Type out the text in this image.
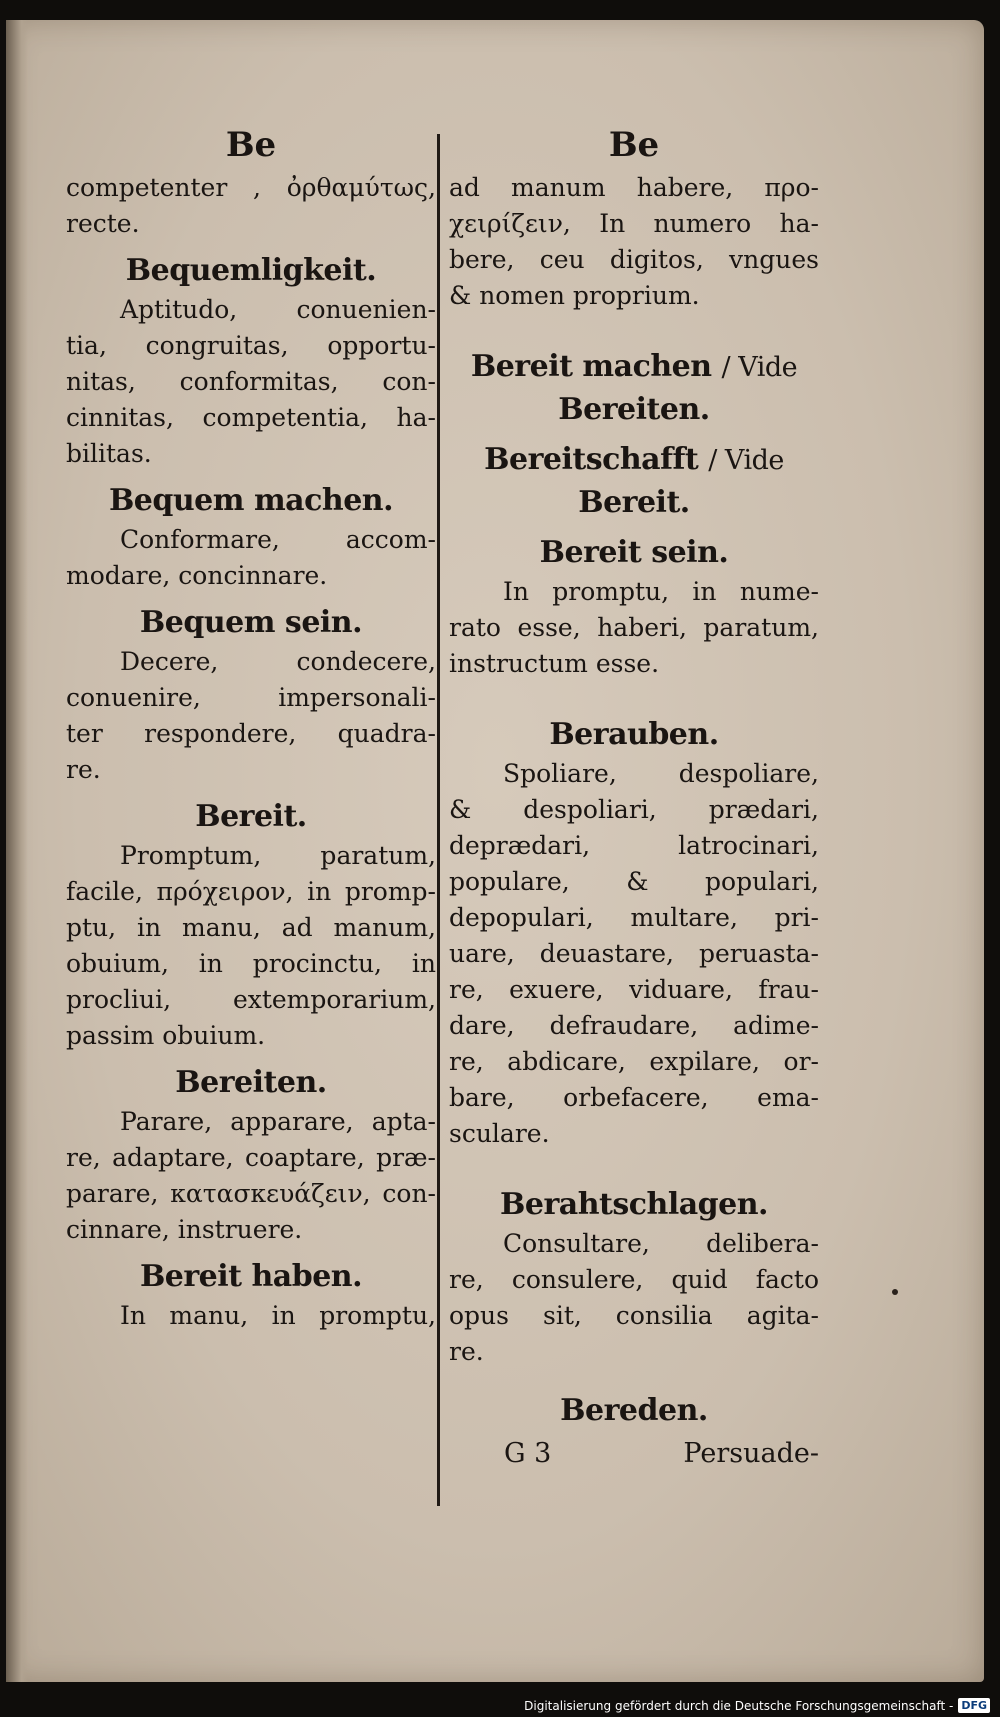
Be
competenter , ὀρθαμύτως,
recte.
Bequemligkeit.
Aptitudo, conuenien-
tia, congruitas, opportu-
nitas, conformitas, con-
cinnitas, competentia, ha-
bilitas.
Bequem machen.
Conformare, accom-
modare, concinnare.
Bequem sein.
Decere, condecere,
conuenire, impersonali-
ter respondere, quadra-
re.
Bereit.
Promptum, paratum,
facile, πρόχειρον, in promp-
ptu, in manu, ad manum,
obuium, in procinctu, in
procliui, extemporarium,
passim obuium.
Bereiten.
Parare, apparare, apta-
re, adaptare, coaptare, præ-
parare, κατασκευάζειν, con-
cinnare, instruere.
Bereit haben.
In manu, in promptu,
Be
ad manum habere, προ-
χειρίζειν, In numero ha-
bere, ceu digitos, vngues
& nomen proprium.
Bereit machen / Vide
Bereiten.
Bereitschafft / Vide
Bereit.
Bereit sein.
In promptu, in nume-
rato esse, haberi, paratum,
instructum esse.
Berauben.
Spoliare, despoliare,
& despoliari, prædari,
deprædari, latrocinari,
populare, & populari,
depopulari, multare, pri-
uare, deuastare, peruasta-
re, exuere, viduare, frau-
dare, defraudare, adime-
re, abdicare, expilare, or-
bare, orbefacere, ema-
sculare.
Berahtschlagen.
Consultare, delibera-
re, consulere, quid facto
opus sit, consilia agita-
re.
Bereden.
G 3	Persuade-
Digitalisierung gefördert durch die Deutsche Forschungsgemeinschaft - DFG
